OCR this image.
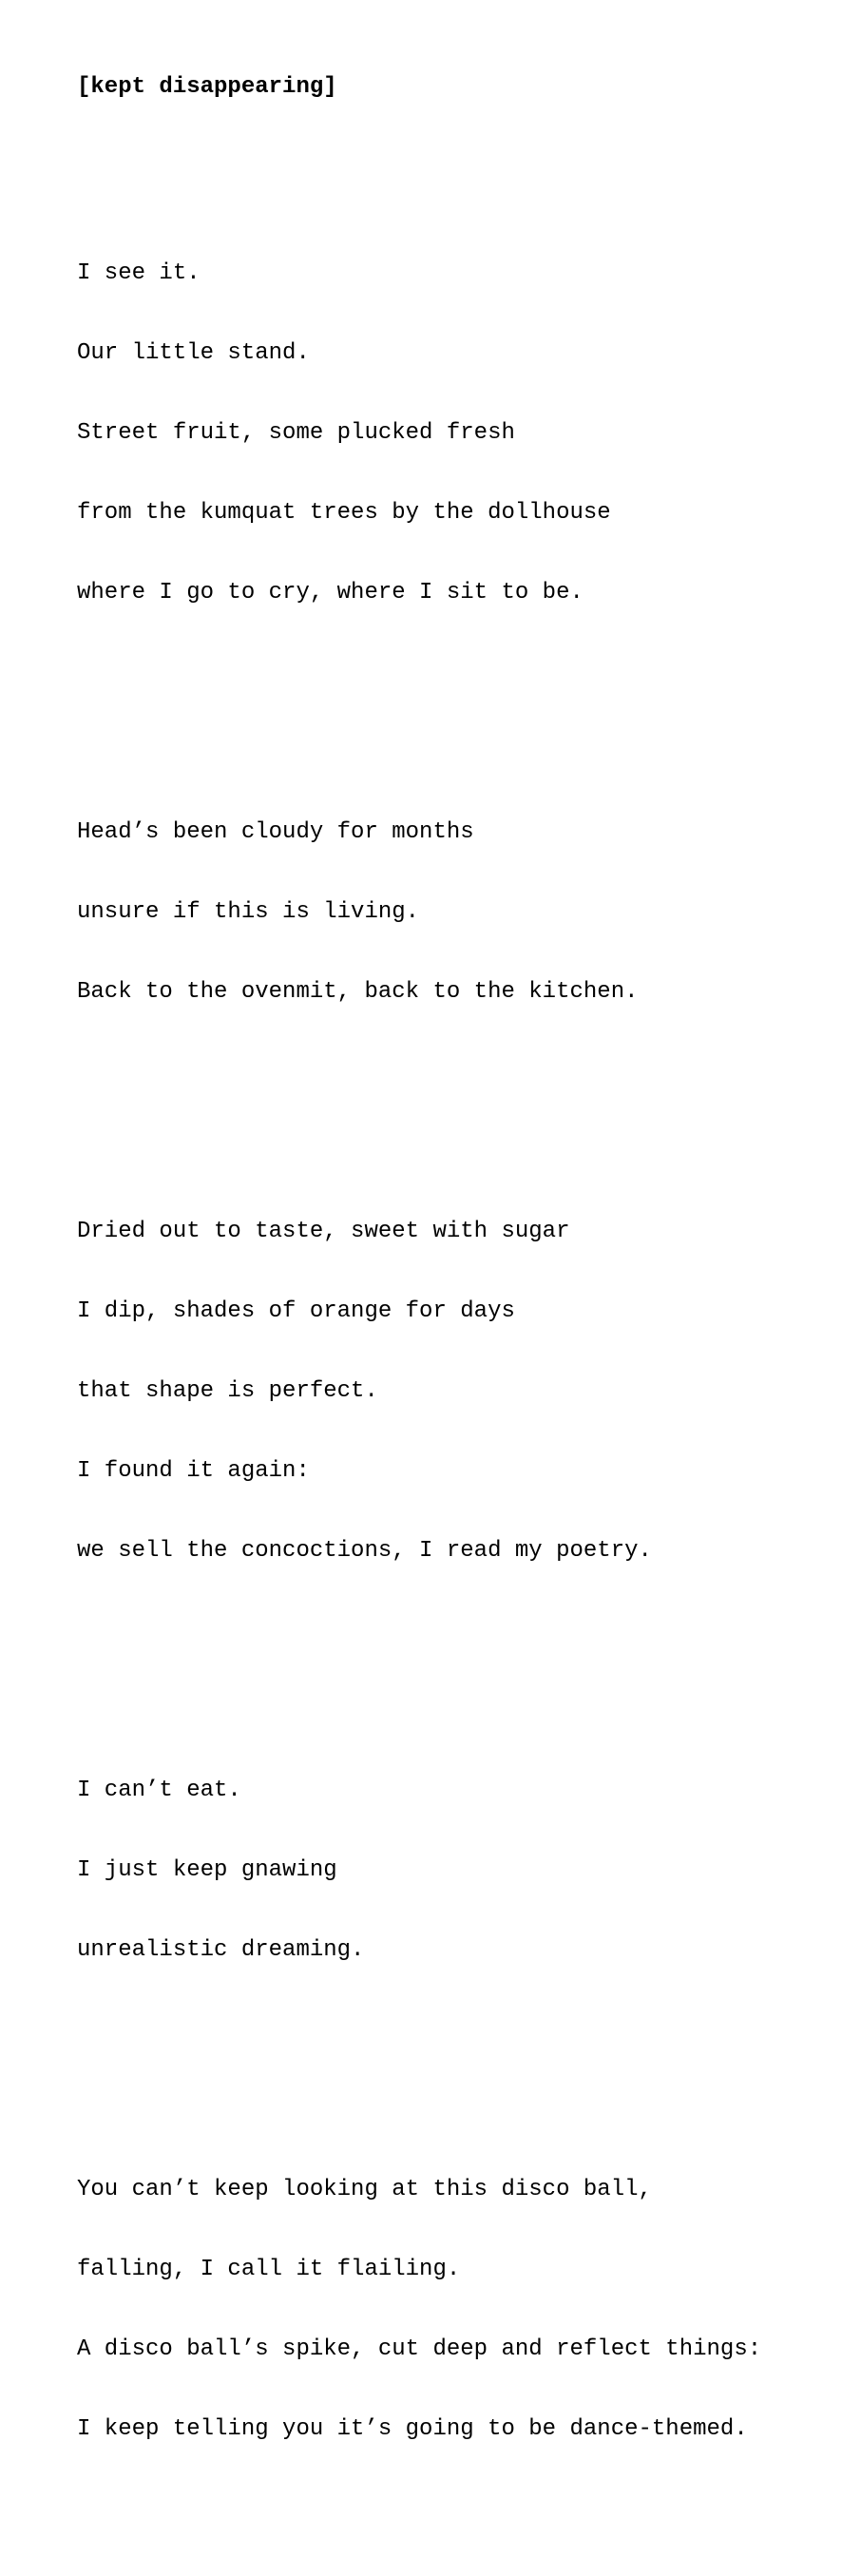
[kept disappearing]

I see it.

Our little stand.

Street fruit, some plucked fresh

from the kumquat trees by the dollhouse

where I go to cry, where I sit to be.

Head’s been cloudy for months

unsure if this is living.

Back to the ovenmit, back to the kitchen.

Dried out to taste, sweet with sugar

I dip, shades of orange for days

that shape is perfect.

I found it again:

we sell the concoctions, I read my poetry.

I can’t eat.

I just keep gnawing

unrealistic dreaming.

You can’t keep looking at this disco ball,

falling, I call it flailing.

A disco ball’s spike, cut deep and reflect things:

I keep telling you it’s going to be dance-themed.
